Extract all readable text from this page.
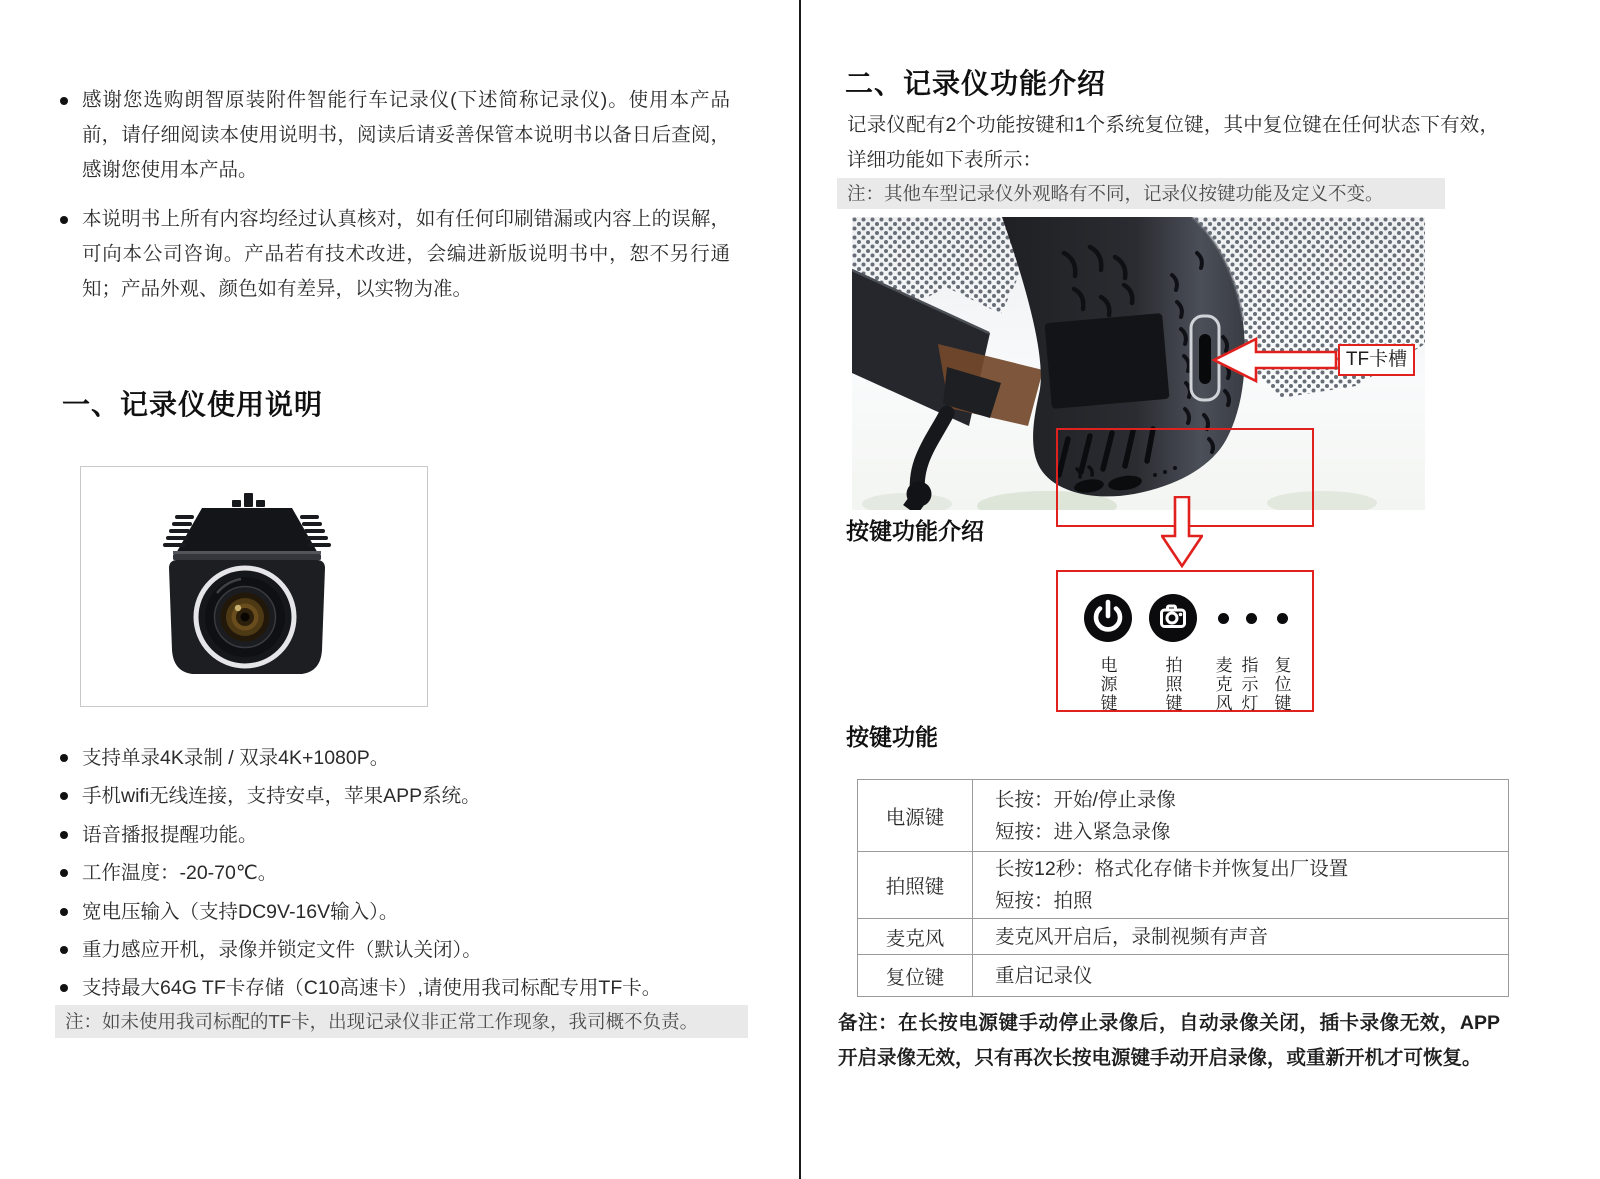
感谢您选购朗智原装附件智能行车记录仪(下述简称记录仪)。使用本产品前，请仔细阅读本使用说明书，阅读后请妥善保管本说明书以备日后查阅，感谢您使用本产品。
本说明书上所有内容均经过认真核对，如有任何印刷错漏或内容上的误解，可向本公司咨询。产品若有技术改进，会编进新版说明书中，恕不另行通知；产品外观、颜色如有差异，以实物为准。
一、记录仪使用说明
支持单录4K录制 / 双录4K+1080P。
手机wifi无线连接，支持安卓，苹果APP系统。
语音播报提醒功能。
工作温度：-20-70℃。
宽电压输入（支持DC9V-16V输入）。
重力感应开机，录像并锁定文件（默认关闭）。
支持最大64G TF卡存储（C10高速卡）,请使用我司标配专用TF卡。
注：如未使用我司标配的TF卡，出现记录仪非正常工作现象，我司概不负责。
二、记录仪功能介绍
记录仪配有2个功能按键和1个系统复位键，其中复位键在任何状态下有效，详细功能如下表所示：
注：其他车型记录仪外观略有不同，记录仪按键功能及定义不变。
TF卡槽
按键功能介绍
电源键
拍照键
麦克风
指示灯
复位键
按键功能
电源键	长按：开始/停止录像
短按：进入紧急录像

拍照键	长按12秒：格式化存储卡并恢复出厂设置
短按：拍照

麦克风	麦克风开启后，录制视频有声音

复位键	重启记录仪
备注：在长按电源键手动停止录像后，自动录像关闭，插卡录像无效，APP开启录像无效，只有再次长按电源键手动开启录像，或重新开机才可恢复。
